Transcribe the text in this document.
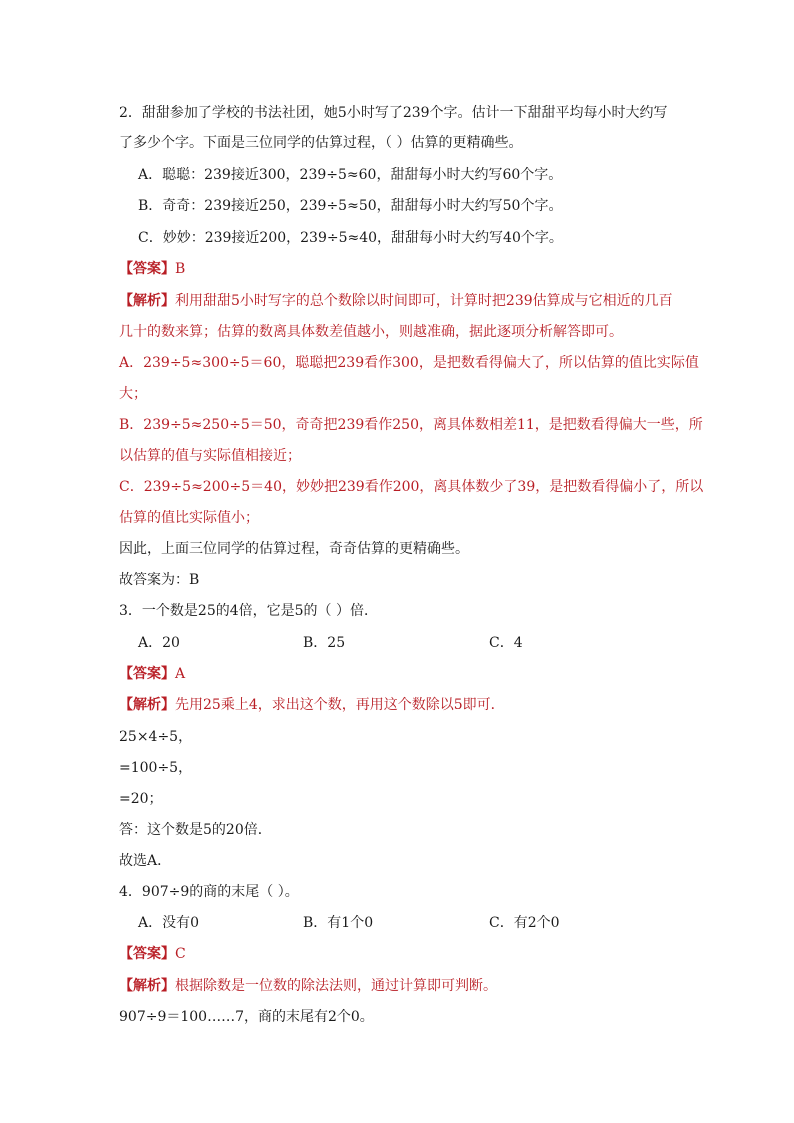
2．甜甜参加了学校的书法社团，她5小时写了239个字。估计一下甜甜平均每小时大约写
了多少个字。下面是三位同学的估算过程，（ ）估算的更精确些。
A．聪聪：239接近300，239÷5≈60，甜甜每小时大约写60个字。
B．奇奇：239接近250，239÷5≈50，甜甜每小时大约写50个字。
C．妙妙：239接近200，239÷5≈40，甜甜每小时大约写40个字。
【答案】B
【解析】利用甜甜5小时写字的总个数除以时间即可，计算时把239估算成与它相近的几百
几十的数来算；估算的数离具体数差值越小，则越准确，据此逐项分析解答即可。
A．239÷5≈300÷5＝60，聪聪把239看作300，是把数看得偏大了，所以估算的值比实际值
大；
B．239÷5≈250÷5＝50，奇奇把239看作250，离具体数相差11，是把数看得偏大一些，所
以估算的值与实际值相接近；
C．239÷5≈200÷5＝40，妙妙把239看作200，离具体数少了39，是把数看得偏小了，所以
估算的值比实际值小；
因此，上面三位同学的估算过程，奇奇估算的更精确些。
故答案为：B
3．一个数是25的4倍，它是5的（ ）倍．
A．20	B．25	C．4
【答案】A
【解析】先用25乘上4，求出这个数，再用这个数除以5即可．
25×4÷5，
=100÷5，
=20；
答：这个数是5的20倍．
故选A．
4．907÷9的商的末尾（ ）。
A．没有0	B．有1个0	C．有2个0
【答案】C
【解析】根据除数是一位数的除法法则，通过计算即可判断。
907÷9＝100……7，商的末尾有2个0。
